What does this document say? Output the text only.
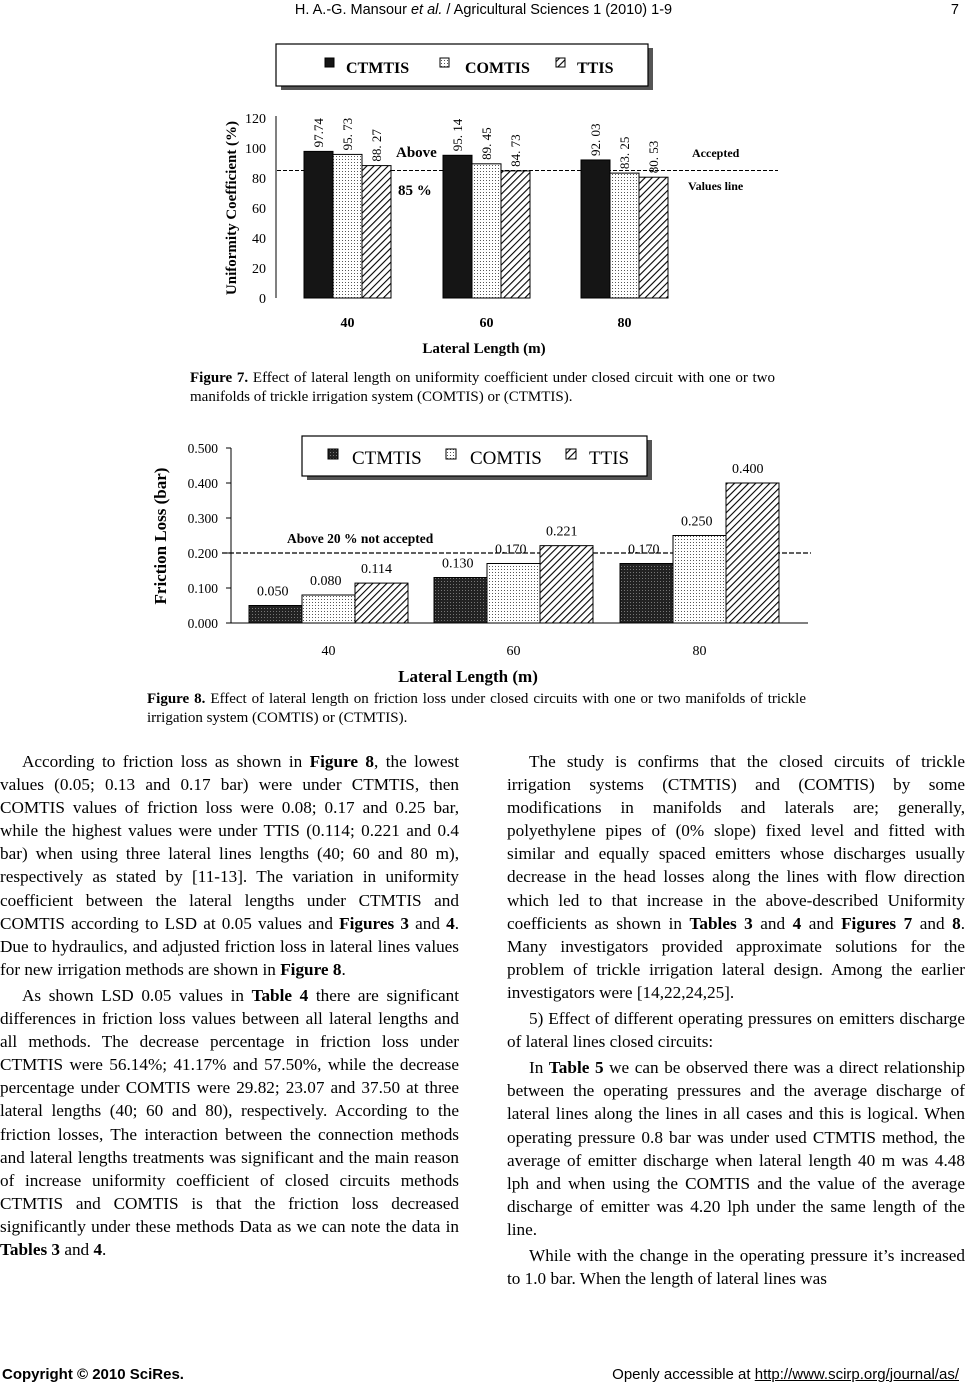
H. A.-G. Mansour et al. / Agricultural Sciences 1 (2010) 1-9	7
CTMTIS	COMTIS	TTIS
0
20
40
60
80
100
120
Uniformity Coefficient (%)
40	60	80
Lateral Length (m)
97.74 95. 73 88. 27	95. 14 89. 45 84. 73	92. 03 83. 25 80. 53
Above
85 %
Accepted
Values line
Figure 7. Effect of lateral length on uniformity coefficient under closed circuit with one or two manifolds of trickle irrigation system (COMTIS) or (CTMTIS).
CTMTIS	COMTIS TTIS
0.000
0.100
0.200
0.300
0.400
0.500
Friction Loss (bar)
40	60	80
Lateral Length (m)
0.050
0.080
0.114	0.130
0.170
0.221
0.170
0.250
0.400
Above 20 % not accepted
Figure 8. Effect of lateral length on friction loss under closed circuits with one or two manifolds of trickle irrigation system (COMTIS) or (CTMTIS).

According to friction loss as shown in Figure 8, the lowest values (0.05; 0.13 and 0.17 bar) were under CTMTIS, then COMTIS values of friction loss were 0.08; 0.17 and 0.25 bar, while the highest values were under TTIS (0.114; 0.221 and 0.4 bar) when using three lateral lines lengths (40; 60 and 80 m), respectively as stated by [11-13]. The variation in uniformity coefficient between the lateral lengths under CTMTIS and COMTIS according to LSD at 0.05 values and Figures 3 and 4. Due to hydraulics, and adjusted friction loss in lateral lines values for new irrigation methods are shown in Figure 8.

As shown LSD 0.05 values in Table 4 there are significant differences in friction loss values between all lateral lengths and all methods. The decrease percentage in friction loss under CTMTIS were 56.14%; 41.17% and 57.50%, while the decrease percentage under COMTIS were 29.82; 23.07 and 37.50 at three lateral lengths (40; 60 and 80), respectively. According to the friction losses, The interaction between the connection methods and lateral lengths treatments was significant and the main reason of increase uniformity coefficient of closed circuits methods CTMTIS and COMTIS is that the friction loss decreased significantly under these methods Data as we can note the data in Tables 3 and 4.

The study is confirms that the closed circuits of trickle irrigation systems (CTMTIS) and (COMTIS) by some modifications in manifolds and laterals are; generally, polyethylene pipes of (0% slope) fixed level and fitted with similar and equally spaced emitters whose discharges usually decrease in the head losses along the lines with flow direction which led to that increase in the above-described Uniformity coefficients as shown in Tables 3 and 4 and Figures 7 and 8. Many investigators provided approximate solutions for the problem of trickle irrigation lateral design. Among the earlier investigators were [14,22,24,25].

5) Effect of different operating pressures on emitters discharge of lateral lines closed circuits:

In Table 5 we can be observed there was a direct relationship between the operating pressures and the average discharge of lateral lines along the lines in all cases and this is logical. When operating pressure 0.8 bar was under used CTMTIS method, the average of emitter discharge when lateral length 40 m was 4.48 lph and when using the COMTIS and the value of the average discharge of emitter was 4.20 lph under the same length of the line.

While with the change in the operating pressure it’s increased to 1.0 bar. When the length of lateral lines was

Copyright © 2010 SciRes.	Openly accessible at http://www.scirp.org/journal/as/
